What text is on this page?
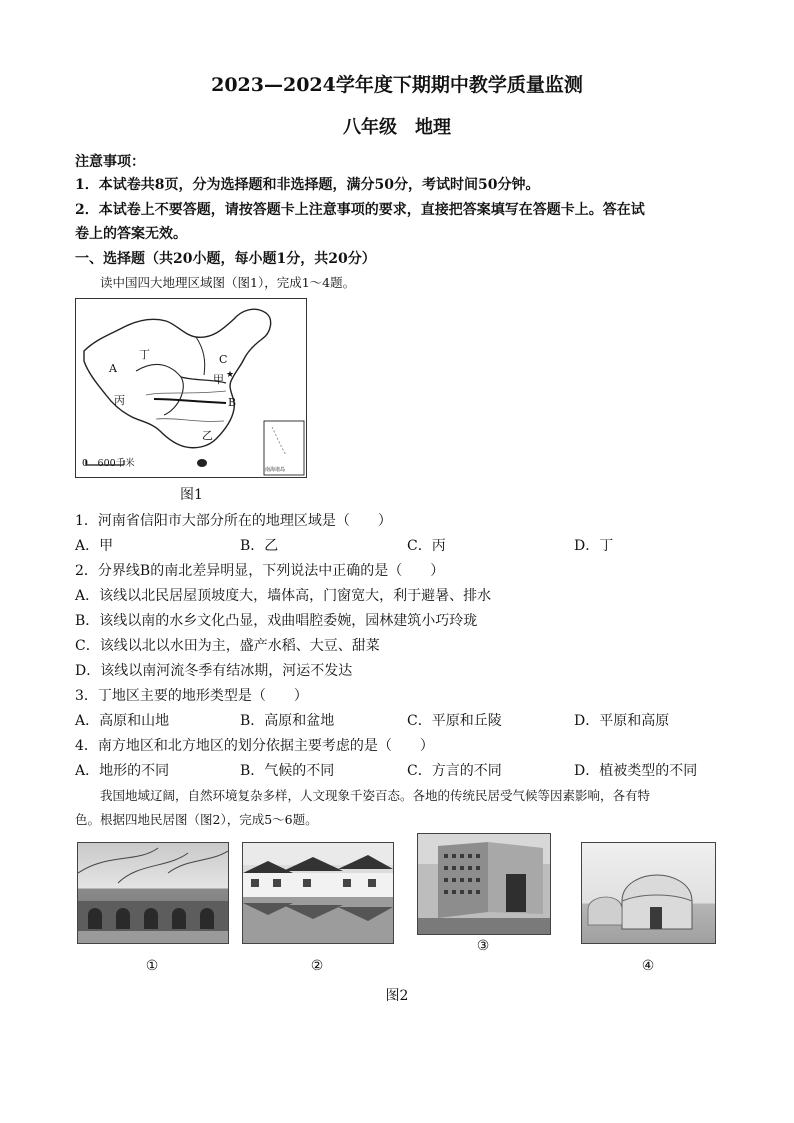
2023—2024学年度下期期中教学质量监测
八年级　地理
注意事项：
1．本试卷共8页，分为选择题和非选择题，满分50分，考试时间50分钟。
2．本试卷上不要答题，请按答题卡上注意事项的要求，直接把答案填写在答题卡上。答在试
卷上的答案无效。
一、选择题（共20小题，每小题1分，共20分）
读中国四大地理区域图（图1），完成1～4题。
★
A
B
C
甲
乙
丙
丁
0　600千米
南海诸岛
图1
1．河南省信阳市大部分所在的地理区域是（　　）
A．甲	B．乙	C．丙	D．丁
2．分界线B的南北差异明显，下列说法中正确的是（　　）
A．该线以北民居屋顶坡度大，墙体高，门窗宽大，利于避暑、排水
B．该线以南的水乡文化凸显，戏曲唱腔委婉，园林建筑小巧玲珑
C．该线以北以水田为主，盛产水稻、大豆、甜菜
D．该线以南河流冬季有结冰期，河运不发达
3．丁地区主要的地形类型是（　　）
A．高原和山地	B．高原和盆地	C．平原和丘陵	D．平原和高原
4．南方地区和北方地区的划分依据主要考虑的是（　　）
A．地形的不同	B．气候的不同	C．方言的不同	D．植被类型的不同
我国地域辽阔，自然环境复杂多样，人文现象千姿百态。各地的传统民居受气候等因素影响，各有特
色。根据四地民居图（图2），完成5～6题。
①	②
③
④
图2
